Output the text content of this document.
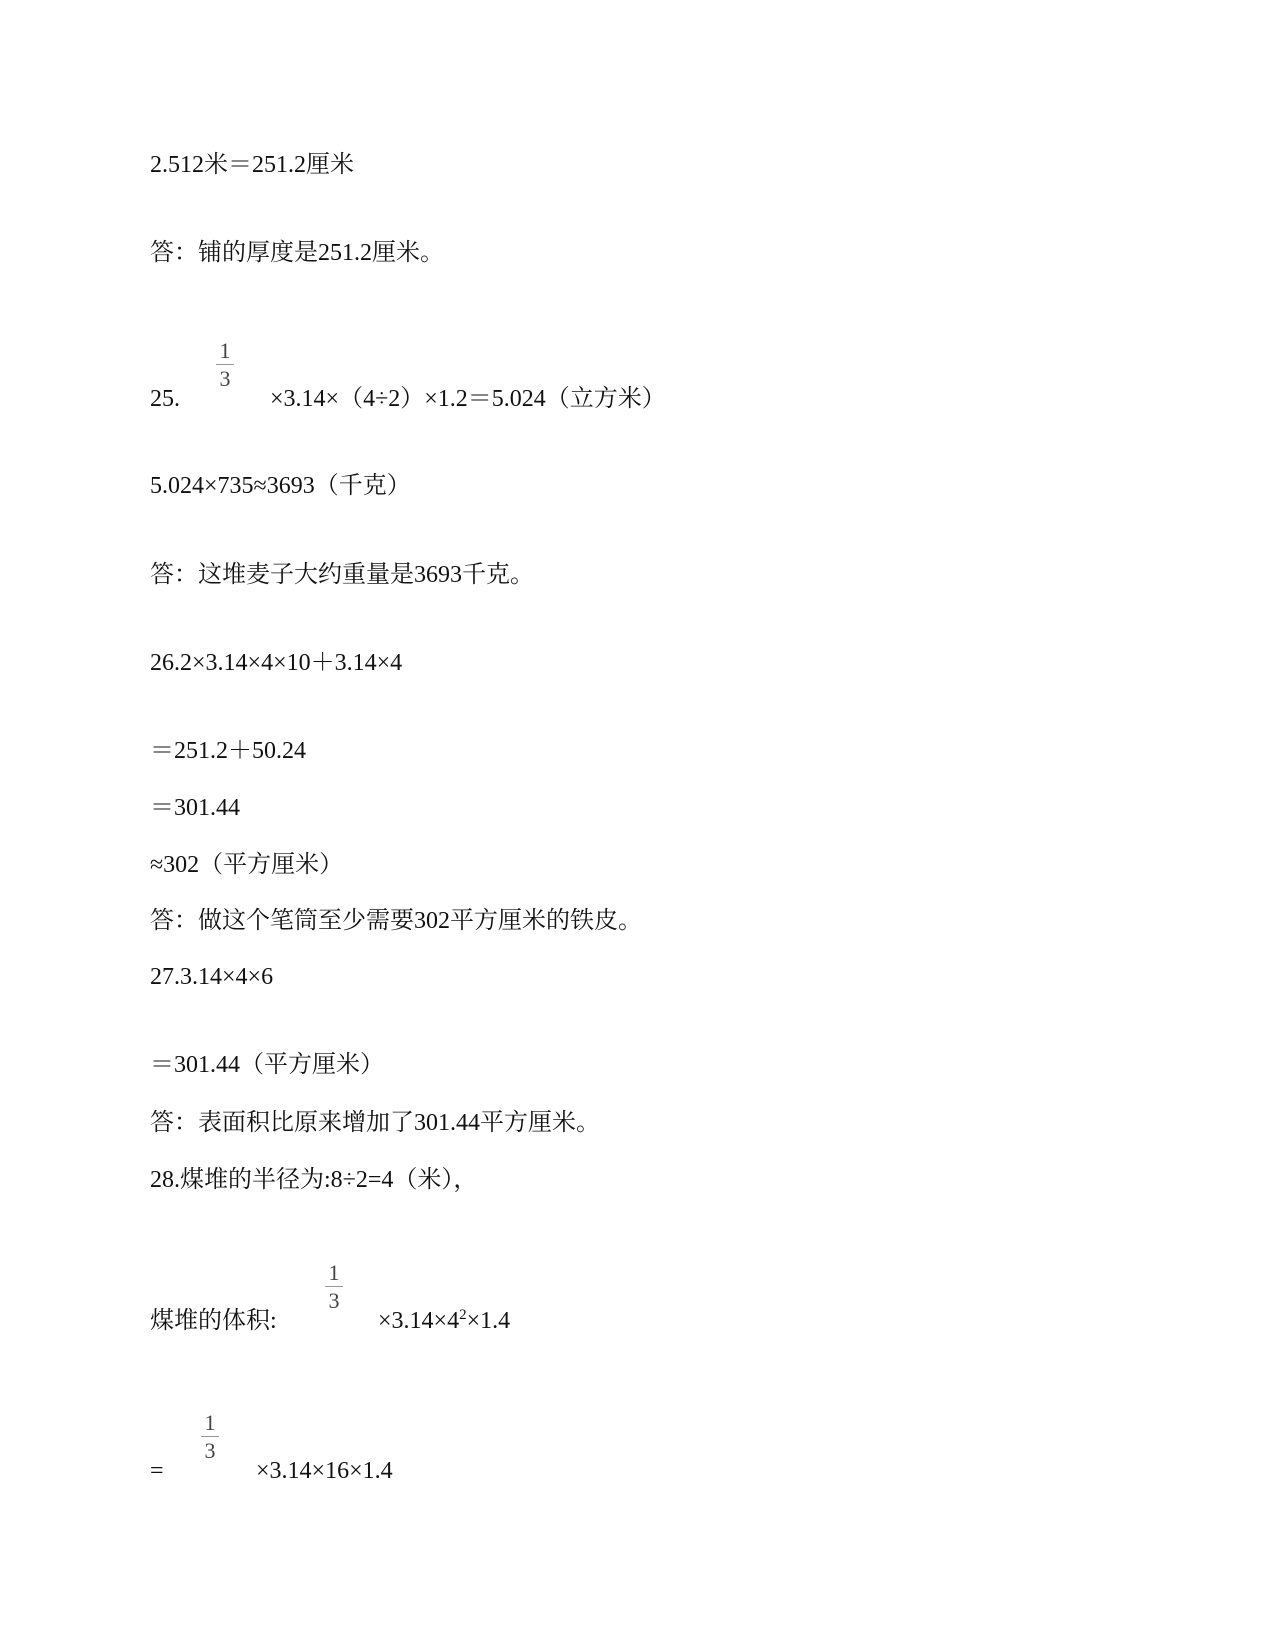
2.512米＝251.2厘米
答：铺的厚度是251.2厘米。
25.
1
3
×3.14×（4÷2）×1.2＝5.024（立方米）
5.024×735≈3693（千克）
答：这堆麦子大约重量是3693千克。
26.2×3.14×4×10＋3.14×4
＝251.2＋50.24
＝301.44
≈302（平方厘米）
答：做这个笔筒至少需要302平方厘米的铁皮。
27.3.14×4×6
＝301.44（平方厘米）
答：表面积比原来增加了301.44平方厘米。
28.煤堆的半径为:8÷2=4（米），
煤堆的体积:
1
3
$\times 3.14\times 4^2\times 1.4$
=
1
3
×3.14×16×1.4
